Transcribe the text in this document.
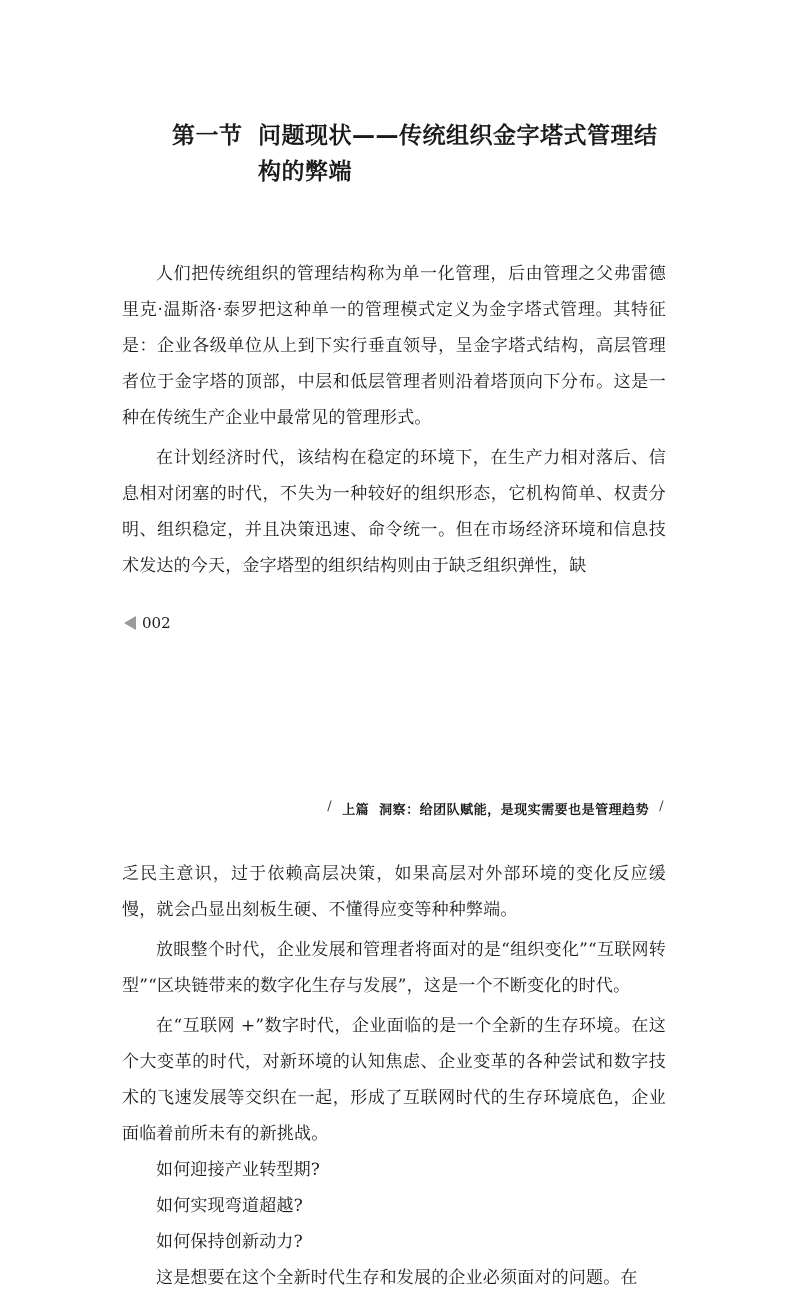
第一节 问题现状——传统组织金字塔式管理结构的弊端

人们把传统组织的管理结构称为单一化管理，后由管理之父弗雷德里克·温斯洛·泰罗把这种单一的管理模式定义为金字塔式管理。其特征是：企业各级单位从上到下实行垂直领导，呈金字塔式结构，高层管理者位于金字塔的顶部，中层和低层管理者则沿着塔顶向下分布。这是一种在传统生产企业中最常见的管理形式。

在计划经济时代，该结构在稳定的环境下，在生产力相对落后、信息相对闭塞的时代，不失为一种较好的组织形态，它机构简单、权责分明、组织稳定，并且决策迅速、命令统一。但在市场经济环境和信息技术发达的今天，金字塔型的组织结构则由于缺乏组织弹性，缺

002
/ 上篇 洞察：给团队赋能，是现实需要也是管理趋势 /

乏民主意识，过于依赖高层决策，如果高层对外部环境的变化反应缓慢，就会凸显出刻板生硬、不懂得应变等种种弊端。

放眼整个时代，企业发展和管理者将面对的是“组织变化”“互联网转型”“区块链带来的数字化生存与发展”，这是一个不断变化的时代。

在“互联网 +”数字时代，企业面临的是一个全新的生存环境。在这个大变革的时代，对新环境的认知焦虑、企业变革的各种尝试和数字技术的飞速发展等交织在一起，形成了互联网时代的生存环境底色，企业面临着前所未有的新挑战。

如何迎接产业转型期?

如何实现弯道超越?

如何保持创新动力?

这是想要在这个全新时代生存和发展的企业必须面对的问题。在
